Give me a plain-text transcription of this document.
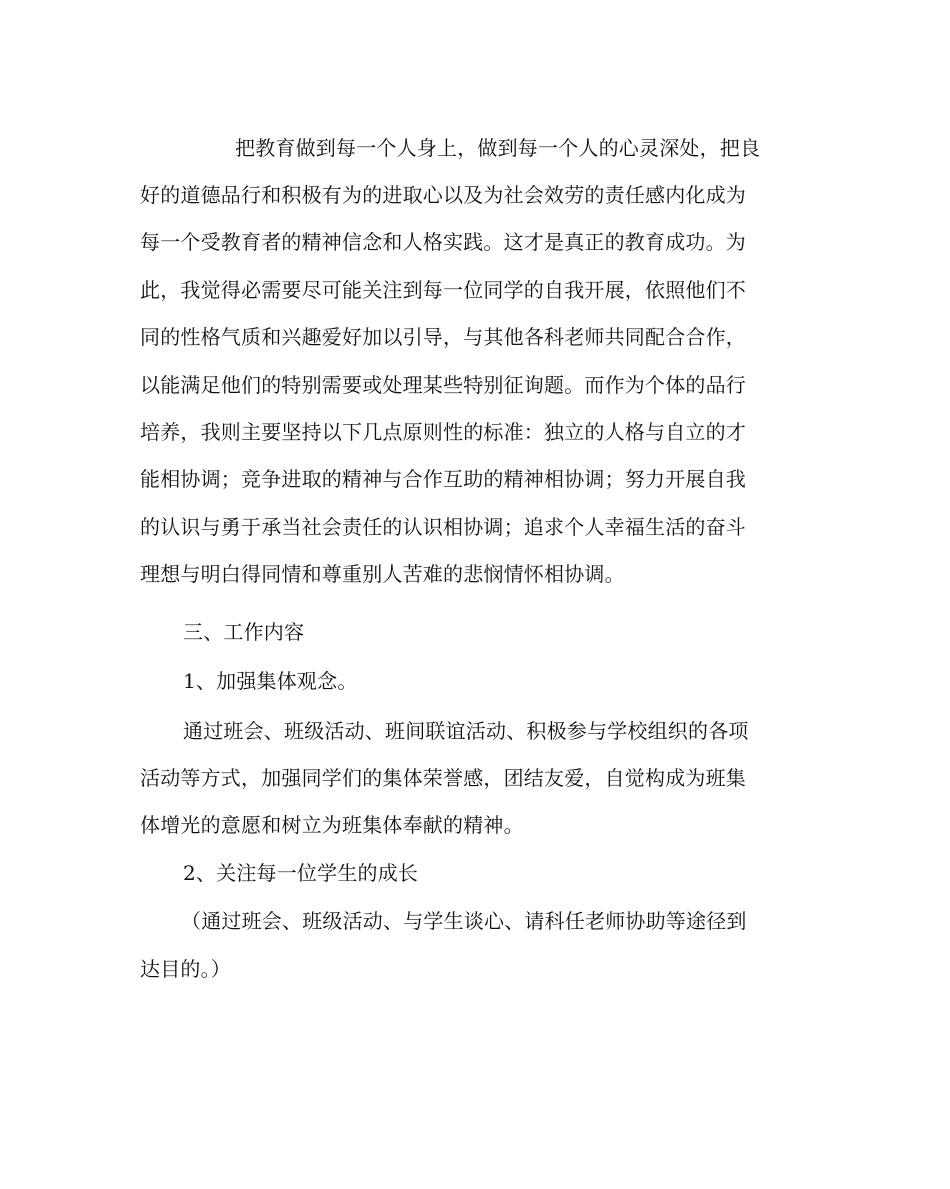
把教育做到每一个人身上，做到每一个人的心灵深处，把良

好的道德品行和积极有为的进取心以及为社会效劳的责任感内化成为

每一个受教育者的精神信念和人格实践。这才是真正的教育成功。为

此，我觉得必需要尽可能关注到每一位同学的自我开展，依照他们不

同的性格气质和兴趣爱好加以引导，与其他各科老师共同配合合作，

以能满足他们的特别需要或处理某些特别征询题。而作为个体的品行

培养，我则主要坚持以下几点原则性的标准：独立的人格与自立的才

能相协调；竞争进取的精神与合作互助的精神相协调；努力开展自我

的认识与勇于承当社会责任的认识相协调；追求个人幸福生活的奋斗

理想与明白得同情和尊重别人苦难的悲悯情怀相协调。

三、工作内容

1、加强集体观念。

通过班会、班级活动、班间联谊活动、积极参与学校组织的各项

活动等方式，加强同学们的集体荣誉感，团结友爱，自觉构成为班集

体增光的意愿和树立为班集体奉献的精神。

2、关注每一位学生的成长

（通过班会、班级活动、与学生谈心、请科任老师协助等途径到

达目的。）
